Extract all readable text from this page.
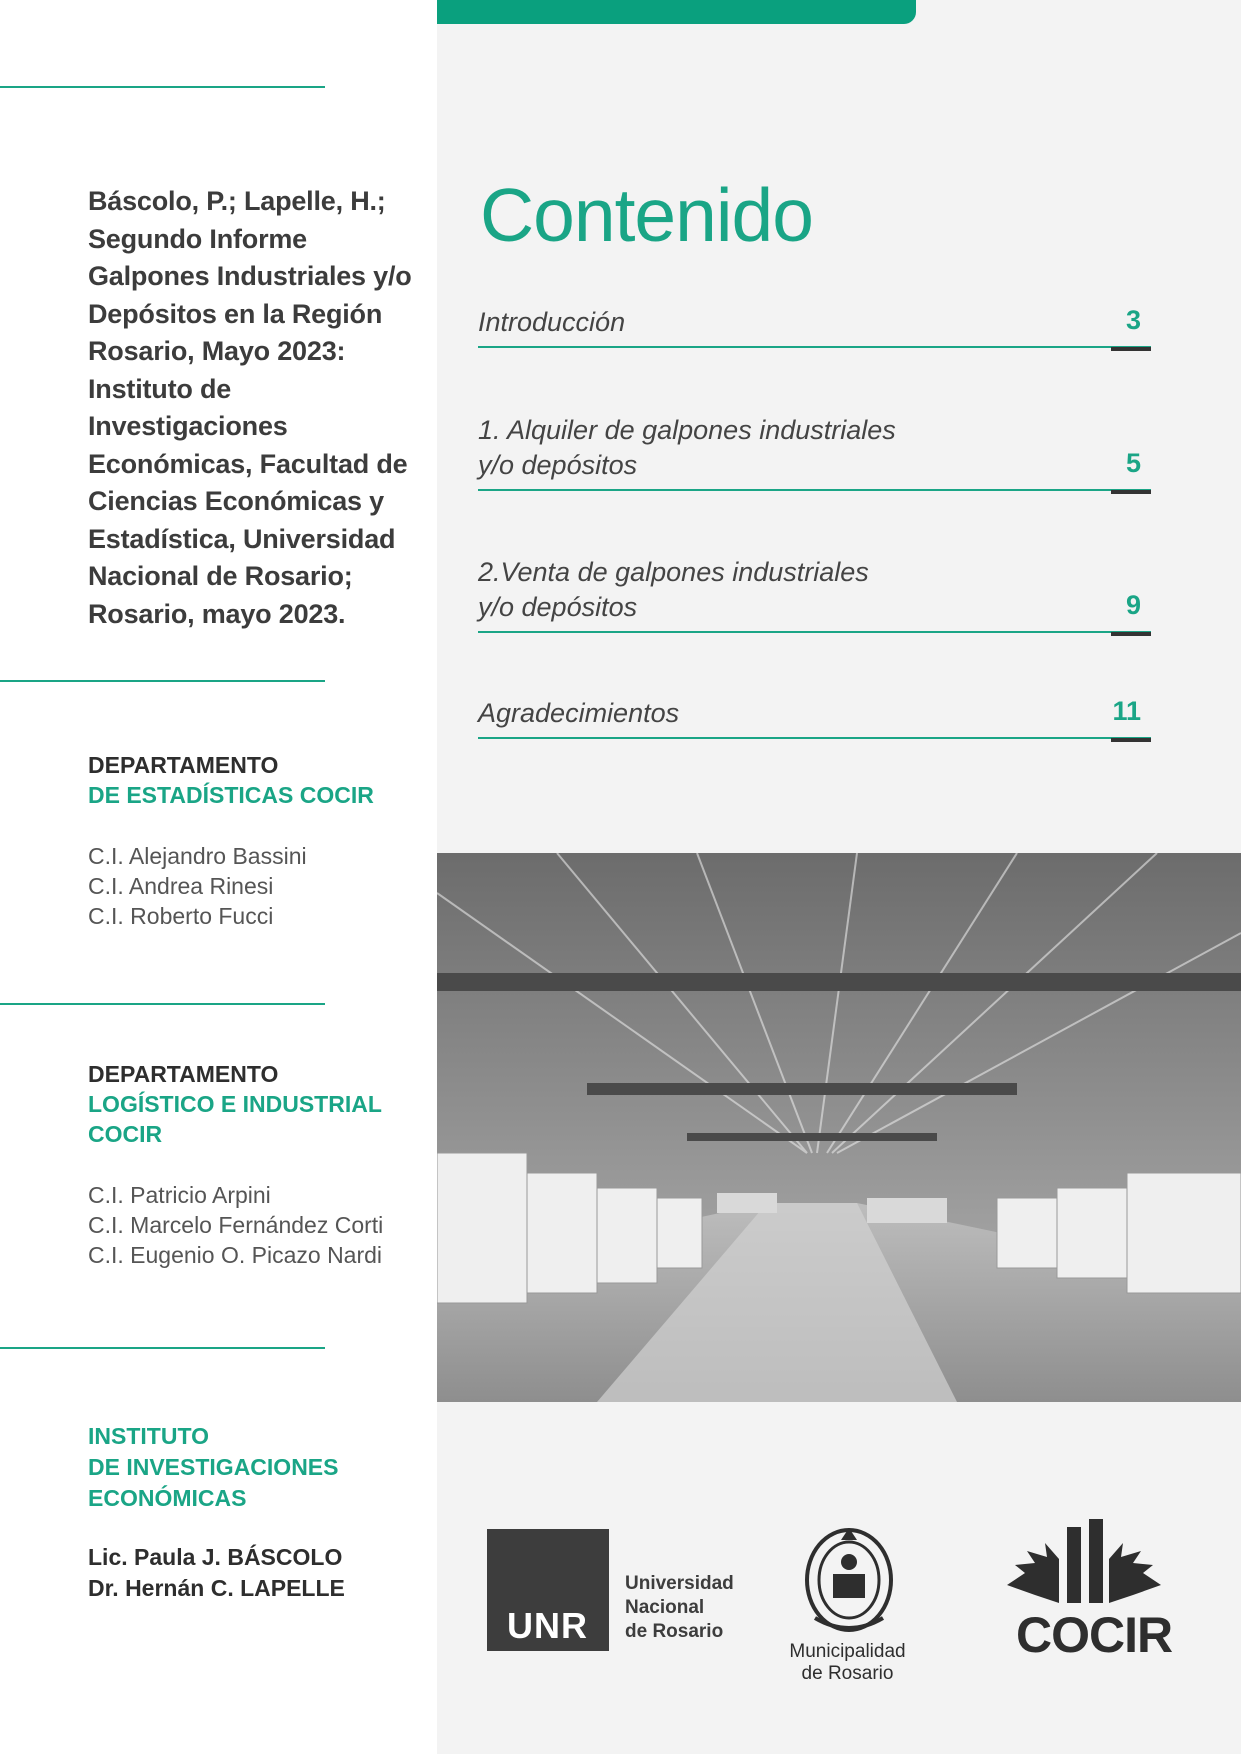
Báscolo, P.; Lapelle, H.; Segundo Informe Galpones Industriales y/o Depósitos en la Región Rosario, Mayo 2023: Instituto de Investigaciones Económicas, Facultad de Ciencias Económicas y Estadística, Universidad Nacional de Rosario; Rosario, mayo 2023.

DEPARTAMENTO
DE ESTADÍSTICAS COCIR
C.I. Alejandro Bassini
C.I. Andrea Rinesi
C.I. Roberto Fucci
DEPARTAMENTO
LOGÍSTICO E INDUSTRIAL
COCIR
C.I. Patricio Arpini
C.I. Marcelo Fernández Corti
C.I. Eugenio O. Picazo Nardi
INSTITUTO
DE INVESTIGACIONES
ECONÓMICAS
Lic. Paula J. BÁSCOLO
Dr. Hernán C. LAPELLE
Contenido
Introducción	3
1. Alquiler de galpones industriales
y/o depósitos	5
2.Venta de galpones industriales
y/o depósitos	9
Agradecimientos	11
UNR
Universidad
Nacional
de Rosario
Municipalidad
de Rosario
COCIR
